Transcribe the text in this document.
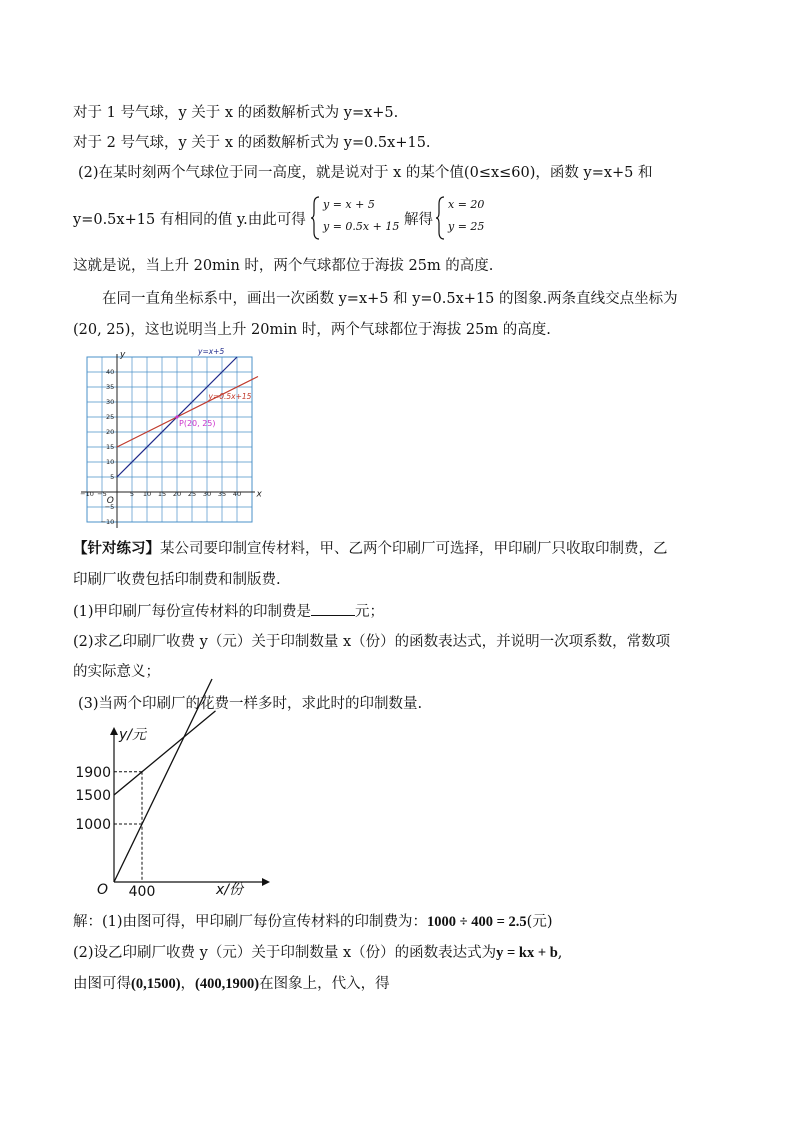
对于 1 号气球，y 关于 x 的函数解析式为 y=x+5.
对于 2 号气球，y 关于 x 的函数解析式为 y=0.5x+15.
(2)在某时刻两个气球位于同一高度，就是说对于 x 的某个值(0≤x≤60)，函数 y=x+5 和
y=0.5x+15 有相同的值 y.由此可得
y = x + 5
y = 0.5x + 15 解得
x = 20
y = 25
这就是说，当上升 20min 时，两个气球都位于海拔 25m 的高度.
在同一直角坐标系中，画出一次函数 y=x+5 和 y=0.5x+15 的图象.两条直线交点坐标为
(20, 25)，这也说明当上升 20min 时，两个气球都位于海拔 25m 的高度.
x
y
O
−10 −5	5 10 15 20 25 30 35 40
−10
−5
5
10
15
20
25
30
35
40
y=x+5
y=0.5x+15
P(20, 25)
【针对练习】某公司要印制宣传材料，甲、乙两个印刷厂可选择，甲印刷厂只收取印制费，乙
印刷厂收费包括印制费和制版费.
(1)甲印刷厂每份宣传材料的印制费是	元；
(2)求乙印刷厂收费 y（元）关于印制数量 x（份）的函数表达式，并说明一次项系数，常数项
的实际意义；
(3)当两个印刷厂的花费一样多时，求此时的印制数量.
y/元
x/份
O
1900
1500
1000
400
解：(1)由图可得，甲印刷厂每份宣传材料的印制费为：1000 ÷ 400 = 2.5(元)
(2)设乙印刷厂收费 y（元）关于印制数量 x（份）的函数表达式为y = kx + b,
由图可得(0,1500)，(400,1900)在图象上，代入，得
